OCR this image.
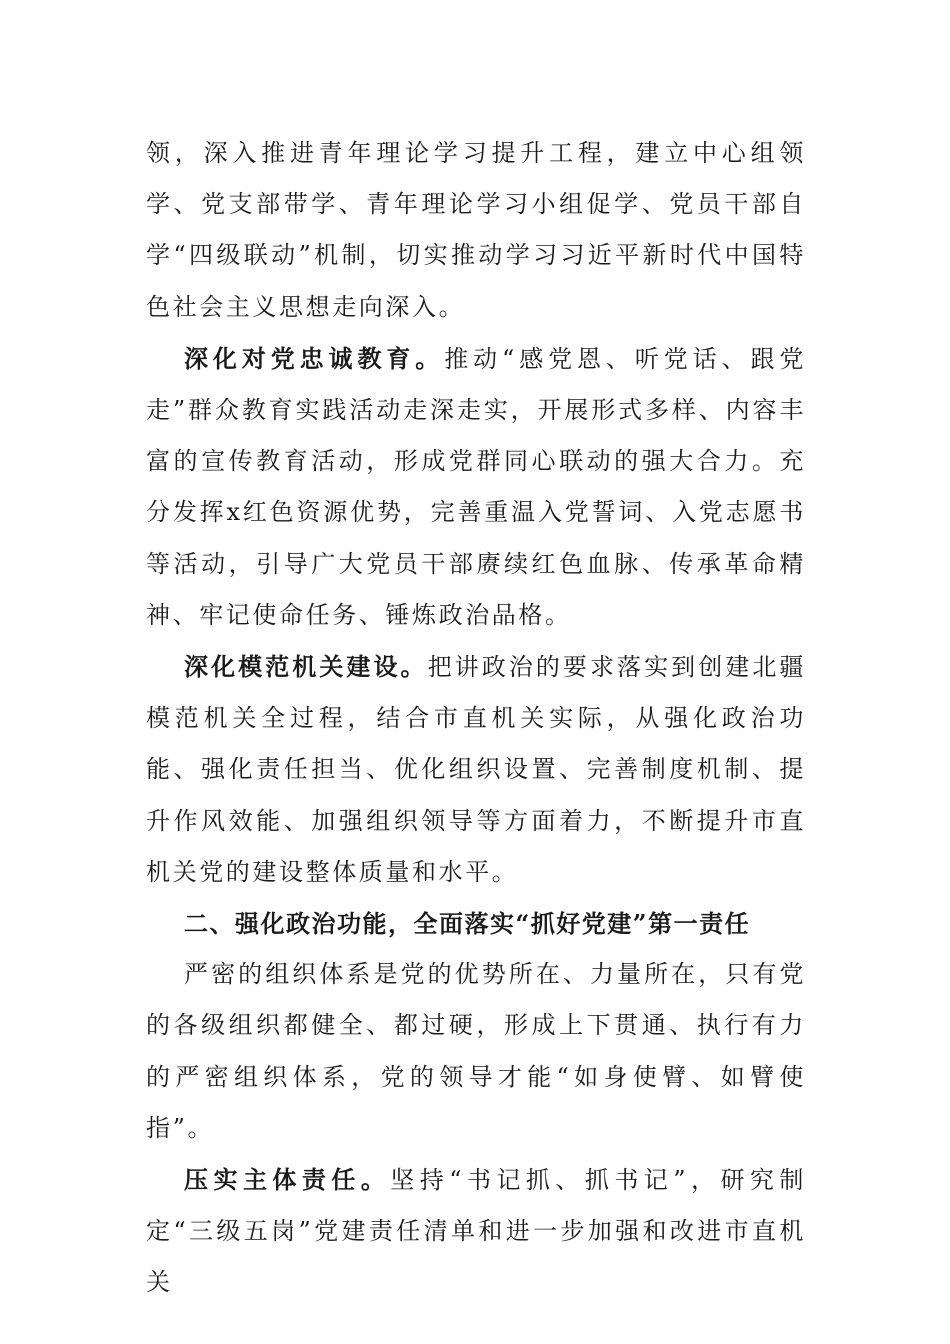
领，深入推进青年理论学习提升工程，建立中心组领学、党支部带学、青年理论学习小组促学、党员干部自学“四级联动”机制，切实推动学习习近平新时代中国特色社会主义思想走向深入。

深化对党忠诚教育。推动“感党恩、听党话、跟党走”群众教育实践活动走深走实，开展形式多样、内容丰富的宣传教育活动，形成党群同心联动的强大合力。充分发挥x红色资源优势，完善重温入党誓词、入党志愿书等活动，引导广大党员干部赓续红色血脉、传承革命精神、牢记使命任务、锤炼政治品格。

深化模范机关建设。把讲政治的要求落实到创建北疆模范机关全过程，结合市直机关实际，从强化政治功能、强化责任担当、优化组织设置、完善制度机制、提升作风效能、加强组织领导等方面着力，不断提升市直机关党的建设整体质量和水平。

二、强化政治功能，全面落实“抓好党建”第一责任

严密的组织体系是党的优势所在、力量所在，只有党的各级组织都健全、都过硬，形成上下贯通、执行有力的严密组织体系，党的领导才能“如身使臂、如臂使指”。

压实主体责任。坚持“书记抓、抓书记”，研究制定“三级五岗”党建责任清单和进一步加强和改进市直机关
